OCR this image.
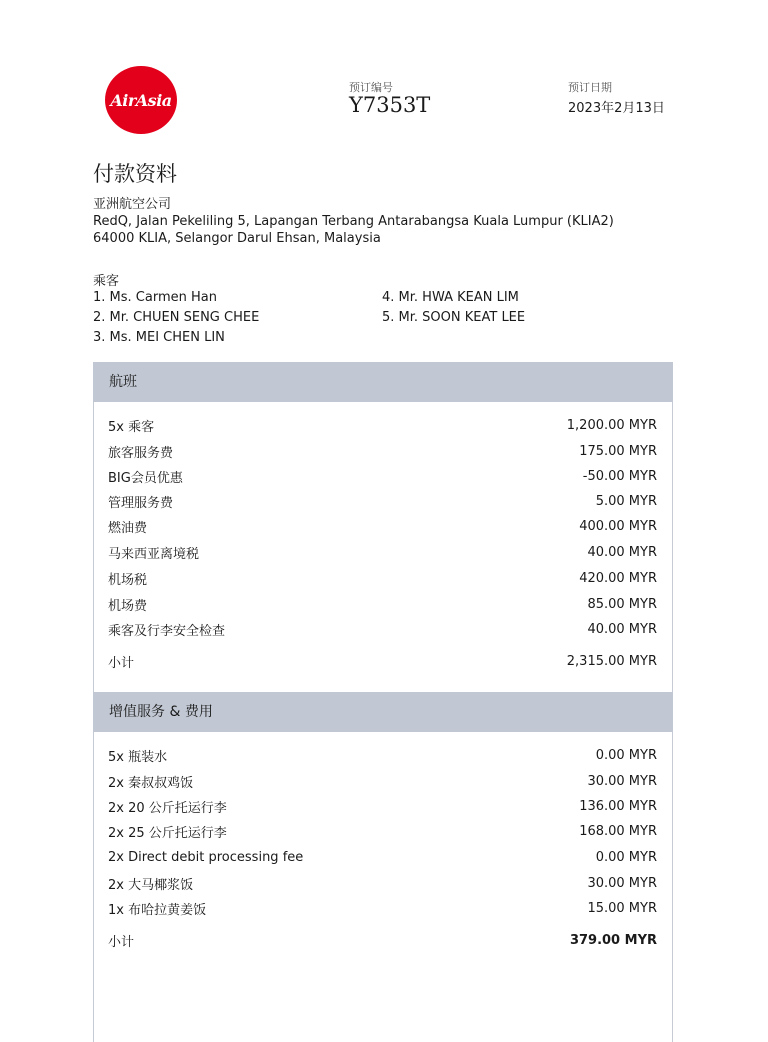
AirAsia
预订编号
Y7353T
预订日期
2023年2月13日
付款资料
亚洲航空公司
RedQ, Jalan Pekeliling 5, Lapangan Terbang Antarabangsa Kuala Lumpur (KLIA2) 64000 KLIA, Selangor Darul Ehsan, Malaysia
乘客
1. Ms. Carmen Han
2. Mr. CHUEN SENG CHEE
3. Ms. MEI CHEN LIN
4. Mr. HWA KEAN LIM
5. Mr. SOON KEAT LEE
航班
5x 乘客	1,200.00 MYR
旅客服务费	175.00 MYR
BIG会员优惠	-50.00 MYR
管理服务费	5.00 MYR
燃油费	400.00 MYR
马来西亚离境税	40.00 MYR
机场税	420.00 MYR
机场费	85.00 MYR
乘客及行李安全检查	40.00 MYR
小计	2,315.00 MYR
增值服务 & 费用
5x 瓶装水	0.00 MYR
2x 秦叔叔鸡饭	30.00 MYR
2x 20 公斤托运行李	136.00 MYR
2x 25 公斤托运行李	168.00 MYR
2x Direct debit processing fee	0.00 MYR
2x 大马椰浆饭	30.00 MYR
1x 布哈拉黄姜饭	15.00 MYR
小计	379.00 MYR
